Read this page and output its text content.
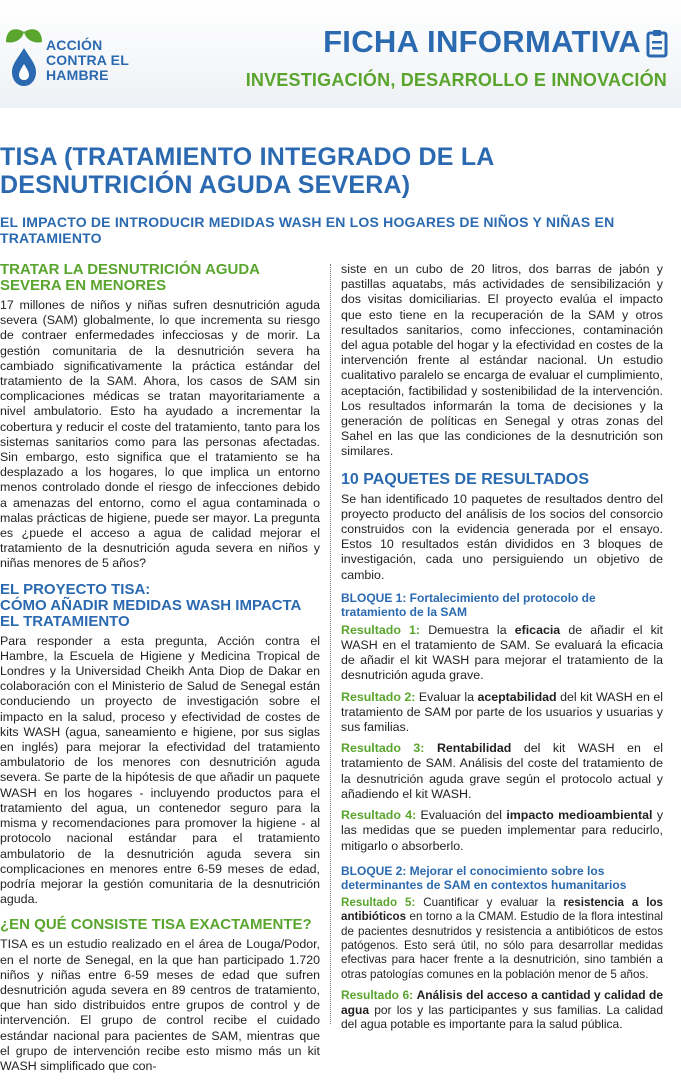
ACCIÓN
CONTRA EL
HAMBRE
FICHA INFORMATIVA
INVESTIGACIÓN, DESARROLLO E INNOVACIÓN
TISA (TRATAMIENTO INTEGRADO DE LA DESNUTRICIÓN AGUDA SEVERA)
EL IMPACTO DE INTRODUCIR MEDIDAS WASH EN LOS HOGARES DE NIÑOS Y NIÑAS EN TRATAMIENTO
TRATAR LA DESNUTRICIÓN AGUDA SEVERA EN MENORES

17 millones de niños y niñas sufren desnutrición aguda severa (SAM) globalmente, lo que incrementa su riesgo de contraer enfermedades infecciosas y de morir. La gestión comunitaria de la desnutrición severa ha cambiado significativamente la práctica estándar del tratamiento de la SAM. Ahora, los casos de SAM sin complicaciones médicas se tratan mayoritariamente a nivel ambulatorio. Esto ha ayudado a incrementar la cobertura y reducir el coste del tratamiento, tanto para los sistemas sanitarios como para las personas afectadas. Sin embargo, esto significa que el tratamiento se ha desplazado a los hogares, lo que implica un entorno menos controlado donde el riesgo de infecciones debido a amenazas del entorno, como el agua contaminada o malas prácticas de higiene, puede ser mayor. La pregunta es ¿puede el acceso a agua de calidad mejorar el tratamiento de la desnutrición aguda severa en niños y niñas menores de 5 años?

EL PROYECTO TISA:
CÓMO AÑADIR MEDIDAS WASH IMPACTA EL TRATAMIENTO

Para responder a esta pregunta, Acción contra el Hambre, la Escuela de Higiene y Medicina Tropical de Londres y la Universidad Cheikh Anta Diop de Dakar en colaboración con el Ministerio de Salud de Senegal están conduciendo un proyecto de investigación sobre el impacto en la salud, proceso y efectividad de costes de kits WASH (agua, saneamiento e higiene, por sus siglas en inglés) para mejorar la efectividad del tratamiento ambulatorio de los menores con desnutrición aguda severa. Se parte de la hipótesis de que añadir un paquete WASH en los hogares - incluyendo productos para el tratamiento del agua, un contenedor seguro para la misma y recomendaciones para promover la higiene - al protocolo nacional estándar para el tratamiento ambulatorio de la desnutrición aguda severa sin complicaciones en menores entre 6-59 meses de edad, podría mejorar la gestión comunitaria de la desnutrición aguda.

¿EN QUÉ CONSISTE TISA EXACTAMENTE?

TISA es un estudio realizado en el área de Louga/Podor, en el norte de Senegal, en la que han participado 1.720 niños y niñas entre 6-59 meses de edad que sufren desnutrición aguda severa en 89 centros de tratamiento, que han sido distribuidos entre grupos de control y de intervención. El grupo de control recibe el cuidado estándar nacional para pacientes de SAM, mientras que el grupo de intervención recibe esto mismo más un kit WASH simplificado que con-

siste en un cubo de 20 litros, dos barras de jabón y pastillas aquatabs, más actividades de sensibilización y dos visitas domiciliarias. El proyecto evalúa el impacto que esto tiene en la recuperación de la SAM y otros resultados sanitarios, como infecciones, contaminación del agua potable del hogar y la efectividad en costes de la intervención frente al estándar nacional. Un estudio cualitativo paralelo se encarga de evaluar el cumplimiento, aceptación, factibilidad y sostenibilidad de la intervención. Los resultados informarán la toma de decisiones y la generación de políticas en Senegal y otras zonas del Sahel en las que las condiciones de la desnutrición son similares.

10 PAQUETES DE RESULTADOS

Se han identificado 10 paquetes de resultados dentro del proyecto producto del análisis de los socios del consorcio construidos con la evidencia generada por el ensayo. Estos 10 resultados están divididos en 3 bloques de investigación, cada uno persiguiendo un objetivo de cambio.

BLOQUE 1: Fortalecimiento del protocolo de tratamiento de la SAM

Resultado 1: Demuestra la eficacia de añadir el kit WASH en el tratamiento de SAM. Se evaluará la eficacia de añadir el kit WASH para mejorar el tratamiento de la desnutrición aguda grave.

Resultado 2: Evaluar la aceptabilidad del kit WASH en el tratamiento de SAM por parte de los usuarios y usuarias y sus familias.

Resultado 3: Rentabilidad del kit WASH en el tratamiento de SAM. Análisis del coste del tratamiento de la desnutrición aguda grave según el protocolo actual y añadiendo el kit WASH.

Resultado 4: Evaluación del impacto medioambiental y las medidas que se pueden implementar para reducirlo, mitigarlo o absorberlo.

BLOQUE 2: Mejorar el conocimiento sobre los determinantes de SAM en contextos humanitarios

Resultado 5: Cuantificar y evaluar la resistencia a los antibióticos en torno a la CMAM. Estudio de la flora intestinal de pacientes desnutridos y resistencia a antibióticos de estos patógenos. Esto será útil, no sólo para desarrollar medidas efectivas para hacer frente a la desnutrición, sino también a otras patologías comunes en la población menor de 5 años.

Resultado 6: Análisis del acceso a cantidad y calidad de agua por los y las participantes y sus familias. La calidad del agua potable es importante para la salud pública.
